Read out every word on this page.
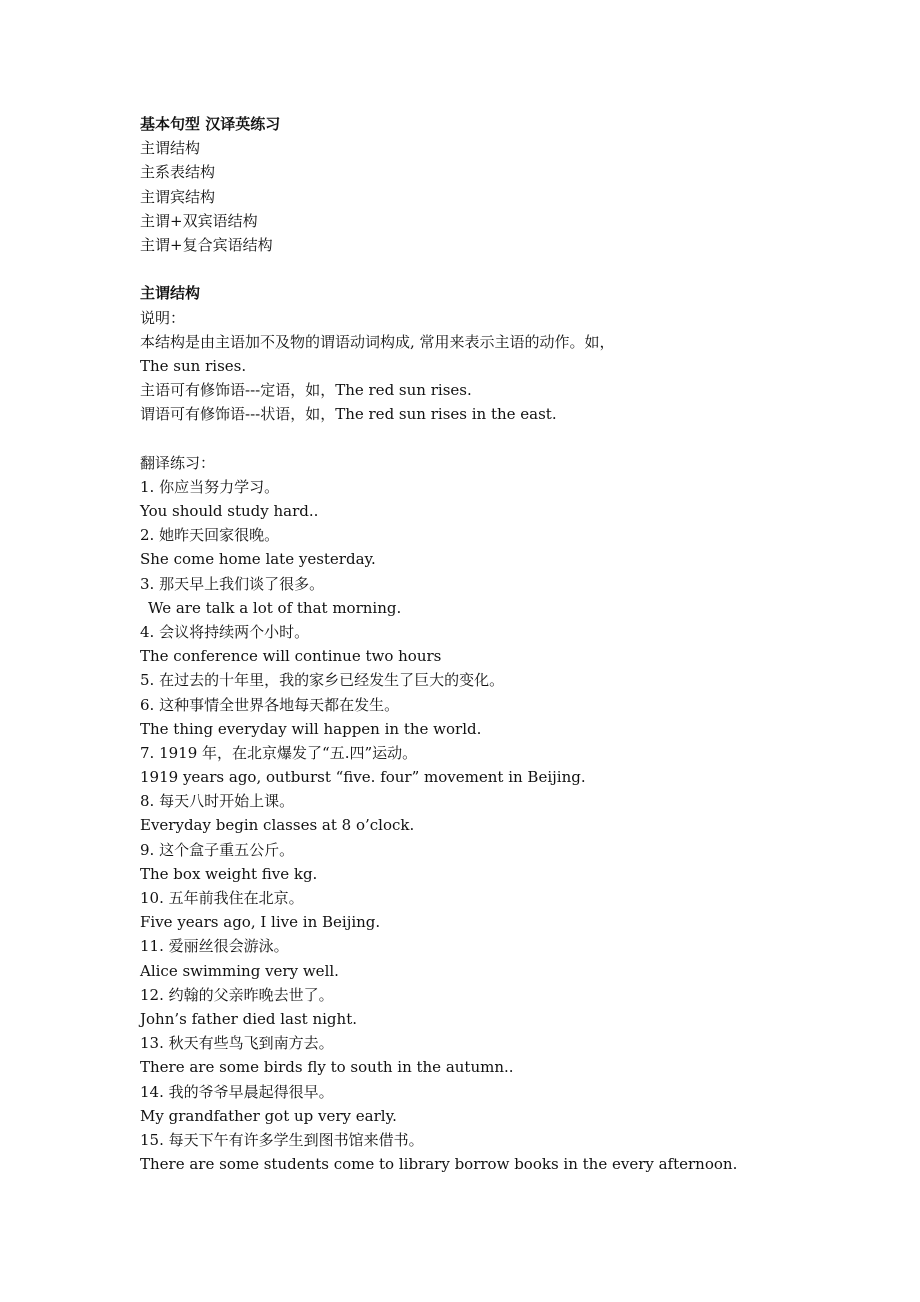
基本句型 汉译英练习
主谓结构
主系表结构
主谓宾结构
主谓+双宾语结构
主谓+复合宾语结构
主谓结构
说明：
本结构是由主语加不及物的谓语动词构成, 常用来表示主语的动作。如，
The sun rises.
主语可有修饰语---定语，如，The red sun rises.
谓语可有修饰语---状语，如，The red sun rises in the east.
翻译练习：
1. 你应当努力学习。
You should study hard..
2. 她昨天回家很晚。
She come home late yesterday.
3. 那天早上我们谈了很多。
We are talk a lot of that morning.
4. 会议将持续两个小时。
The conference will continue two hours
5. 在过去的十年里，我的家乡已经发生了巨大的变化。
6. 这种事情全世界各地每天都在发生。
The thing everyday will happen in the world.
7. 1919 年，在北京爆发了“五.四”运动。
1919 years ago, outburst “five. four” movement in Beijing.
8. 每天八时开始上课。
Everyday begin classes at 8 o’clock.
9. 这个盒子重五公斤。
The box weight five kg.
10. 五年前我住在北京。
Five years ago, I live in Beijing.
11. 爱丽丝很会游泳。
Alice swimming very well.
12. 约翰的父亲昨晚去世了。
John’s father died last night.
13. 秋天有些鸟飞到南方去。
There are some birds fly to south in the autumn..
14. 我的爷爷早晨起得很早。
My grandfather got up very early.
15. 每天下午有许多学生到图书馆来借书。
There are some students come to library borrow books in the every afternoon.
